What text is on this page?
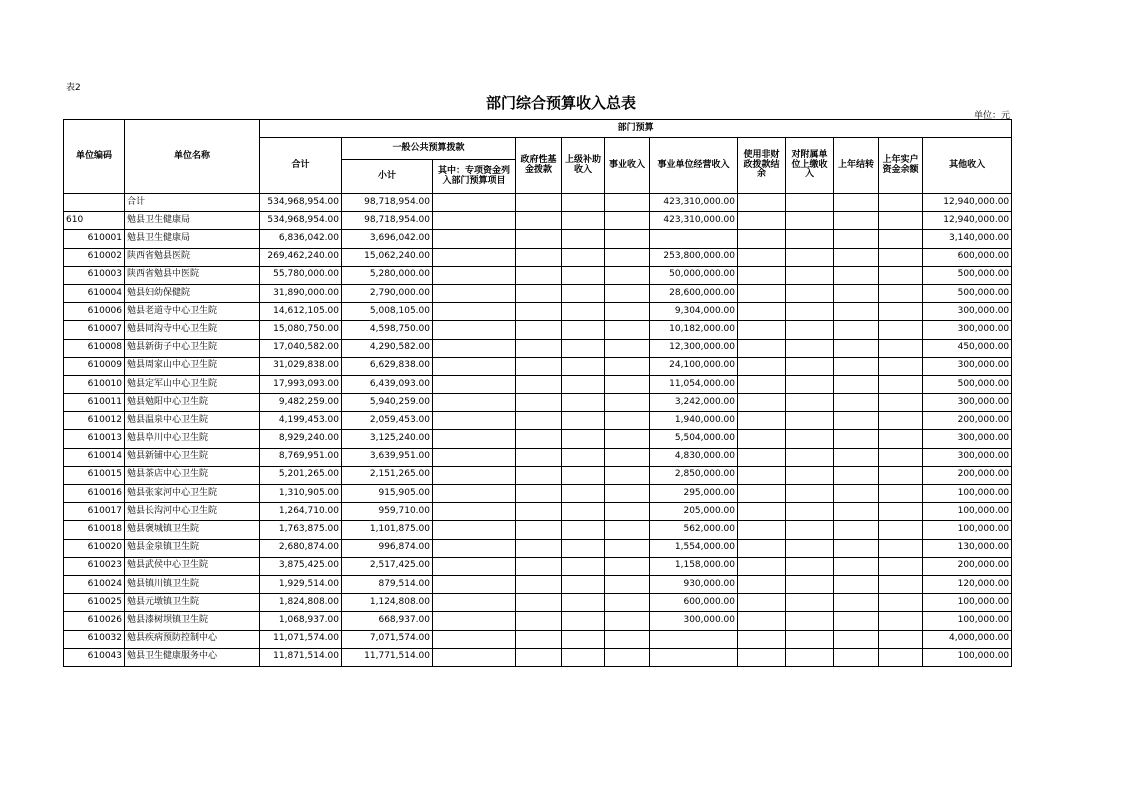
表2
部门综合预算收入总表
单位：元
单位编码	单位名称	部门预算											
		合计	一般公共预算拨款		政府性基金拨款	上级补助收入	事业收入	事业单位经营收入	使用非财政拨款结余	对附属单位上缴收入	上年结转	上年实户资金余额	其他收入
			小计	其中：专项资金列入部门预算项目									
	合计	534,968,954.00	98,718,954.00					423,310,000.00					12,940,000.00
610	勉县卫生健康局	534,968,954.00	98,718,954.00					423,310,000.00					12,940,000.00
610001	勉县卫生健康局	6,836,042.00	3,696,042.00										3,140,000.00
610002	陕西省勉县医院	269,462,240.00	15,062,240.00					253,800,000.00					600,000.00
610003	陕西省勉县中医院	55,780,000.00	5,280,000.00					50,000,000.00					500,000.00
610004	勉县妇幼保健院	31,890,000.00	2,790,000.00					28,600,000.00					500,000.00
610006	勉县老道寺中心卫生院	14,612,105.00	5,008,105.00					9,304,000.00					300,000.00
610007	勉县同沟寺中心卫生院	15,080,750.00	4,598,750.00					10,182,000.00					300,000.00
610008	勉县新街子中心卫生院	17,040,582.00	4,290,582.00					12,300,000.00					450,000.00
610009	勉县周家山中心卫生院	31,029,838.00	6,629,838.00					24,100,000.00					300,000.00
610010	勉县定军山中心卫生院	17,993,093.00	6,439,093.00					11,054,000.00					500,000.00
610011	勉县勉阳中心卫生院	9,482,259.00	5,940,259.00					3,242,000.00					300,000.00
610012	勉县温泉中心卫生院	4,199,453.00	2,059,453.00					1,940,000.00					200,000.00
610013	勉县阜川中心卫生院	8,929,240.00	3,125,240.00					5,504,000.00					300,000.00
610014	勉县新铺中心卫生院	8,769,951.00	3,639,951.00					4,830,000.00					300,000.00
610015	勉县茶店中心卫生院	5,201,265.00	2,151,265.00					2,850,000.00					200,000.00
610016	勉县张家河中心卫生院	1,310,905.00	915,905.00					295,000.00					100,000.00
610017	勉县长沟河中心卫生院	1,264,710.00	959,710.00					205,000.00					100,000.00
610018	勉县褒城镇卫生院	1,763,875.00	1,101,875.00					562,000.00					100,000.00
610020	勉县金泉镇卫生院	2,680,874.00	996,874.00					1,554,000.00					130,000.00
610023	勉县武侯中心卫生院	3,875,425.00	2,517,425.00					1,158,000.00					200,000.00
610024	勉县镇川镇卫生院	1,929,514.00	879,514.00					930,000.00					120,000.00
610025	勉县元墩镇卫生院	1,824,808.00	1,124,808.00					600,000.00					100,000.00
610026	勉县漆树坝镇卫生院	1,068,937.00	668,937.00					300,000.00					100,000.00
610032	勉县疾病预防控制中心	11,071,574.00	7,071,574.00										4,000,000.00
610043	勉县卫生健康服务中心	11,871,514.00	11,771,514.00										100,000.00
